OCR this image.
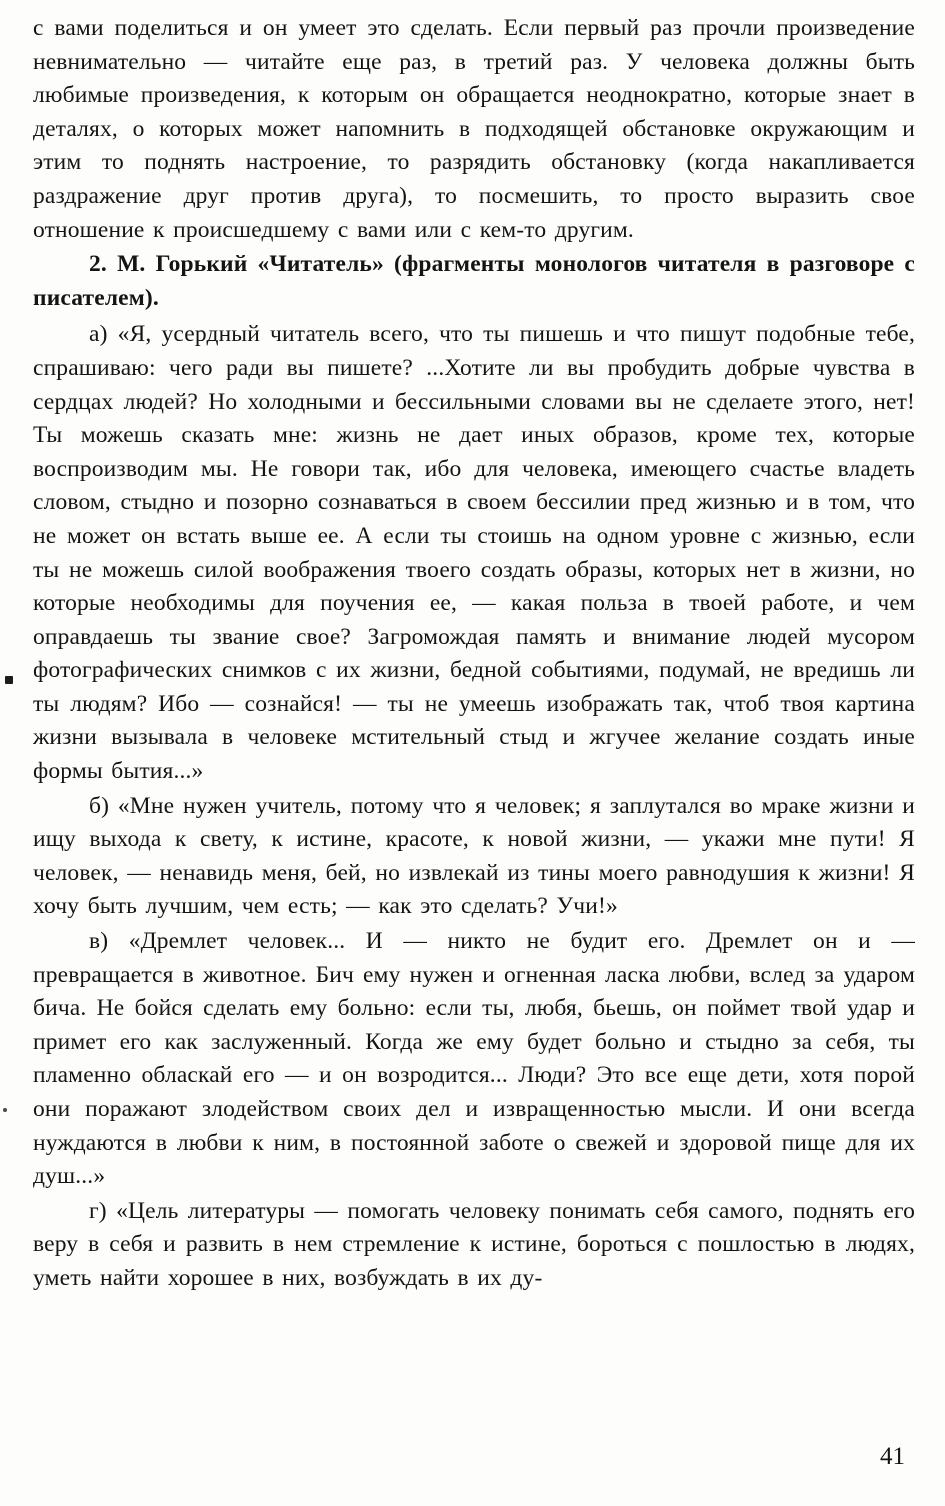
с вами поделиться и он умеет это сделать. Если первый раз прочли произведение невнимательно — читайте еще раз, в третий раз. У человека должны быть любимые произведения, к которым он обращается неоднократно, которые знает в деталях, о которых может напомнить в подходящей обстановке окружающим и этим то поднять настроение, то разрядить обстановку (когда накапливается раздражение друг против друга), то посмешить, то просто выразить свое отношение к происшедшему с вами или с кем-то другим.

2. М. Горький «Читатель» (фрагменты монологов читателя в разговоре с писателем).

а) «Я, усердный читатель всего, что ты пишешь и что пишут подобные тебе, спрашиваю: чего ради вы пишете? ...Хотите ли вы пробудить добрые чувства в сердцах людей? Но холодными и бессильными словами вы не сделаете этого, нет! Ты можешь сказать мне: жизнь не дает иных образов, кроме тех, которые воспроизводим мы. Не говори так, ибо для человека, имеющего счастье владеть словом, стыдно и позорно сознаваться в своем бессилии пред жизнью и в том, что не может он встать выше ее. А если ты стоишь на одном уровне с жизнью, если ты не можешь силой воображения твоего создать образы, которых нет в жизни, но которые необходимы для поучения ее, — какая польза в твоей работе, и чем оправдаешь ты звание свое? Загромождая память и внимание людей мусором фотографических снимков с их жизни, бедной событиями, подумай, не вредишь ли ты людям? Ибо — сознайся! — ты не умеешь изображать так, чтоб твоя картина жизни вызывала в человеке мстительный стыд и жгучее желание создать иные формы бытия...»

б) «Мне нужен учитель, потому что я человек; я заплутался во мраке жизни и ищу выхода к свету, к истине, красоте, к новой жизни, — укажи мне пути! Я человек, — ненавидь меня, бей, но извлекай из тины моего равнодушия к жизни! Я хочу быть лучшим, чем есть; — как это сделать? Учи!»

в) «Дремлет человек... И — никто не будит его. Дремлет он и — превращается в животное. Бич ему нужен и огненная ласка любви, вслед за ударом бича. Не бойся сделать ему больно: если ты, любя, бьешь, он поймет твой удар и примет его как заслуженный. Когда же ему будет больно и стыдно за себя, ты пламенно обласкай его — и он возродится... Люди? Это все еще дети, хотя порой они поражают злодейством своих дел и извращенностью мысли. И они всегда нуждаются в любви к ним, в постоянной заботе о свежей и здоровой пище для их душ...»

г) «Цель литературы — помогать человеку понимать себя самого, поднять его веру в себя и развить в нем стремление к истине, бороться с пошлостью в людях, уметь найти хорошее в них, возбуждать в их ду-

41
